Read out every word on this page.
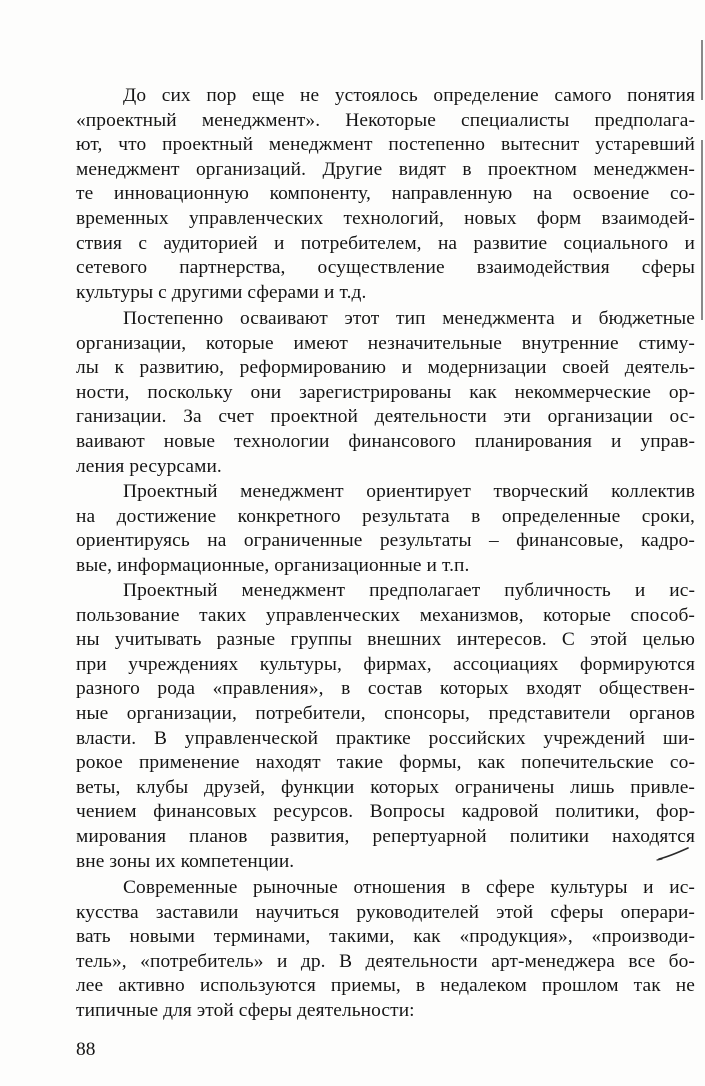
До сих пор еще не устоялось определение самого понятия
«проектный менеджмент». Некоторые специалисты предполага-
ют, что проектный менеджмент постепенно вытеснит устаревший
менеджмент организаций. Другие видят в проектном менеджмен-
те инновационную компоненту, направленную на освоение со-
временных управленческих технологий, новых форм взаимодей-
ствия с аудиторией и потребителем, на развитие социального и
сетевого партнерства, осуществление взаимодействия сферы
культуры с другими сферами и т.д.
Постепенно осваивают этот тип менеджмента и бюджетные
организации, которые имеют незначительные внутренние стиму-
лы к развитию, реформированию и модернизации своей деятель-
ности, поскольку они зарегистрированы как некоммерческие ор-
ганизации. За счет проектной деятельности эти организации ос-
ваивают новые технологии финансового планирования и управ-
ления ресурсами.
Проектный менеджмент ориентирует творческий коллектив
на достижение конкретного результата в определенные сроки,
ориентируясь на ограниченные результаты – финансовые, кадро-
вые, информационные, организационные и т.п.
Проектный менеджмент предполагает публичность и ис-
пользование таких управленческих механизмов, которые способ-
ны учитывать разные группы внешних интересов. С этой целью
при учреждениях культуры, фирмах, ассоциациях формируются
разного рода «правления», в состав которых входят обществен-
ные организации, потребители, спонсоры, представители органов
власти. В управленческой практике российских учреждений ши-
рокое применение находят такие формы, как попечительские со-
веты, клубы друзей, функции которых ограничены лишь привле-
чением финансовых ресурсов. Вопросы кадровой политики, фор-
мирования планов развития, репертуарной политики находятся
вне зоны их компетенции.
Современные рыночные отношения в сфере культуры и ис-
кусства заставили научиться руководителей этой сферы операри-
вать новыми терминами, такими, как «продукция», «производи-
тель», «потребитель» и др. В деятельности арт-менеджера все бо-
лее активно используются приемы, в недалеком прошлом так не
типичные для этой сферы деятельности:
88
